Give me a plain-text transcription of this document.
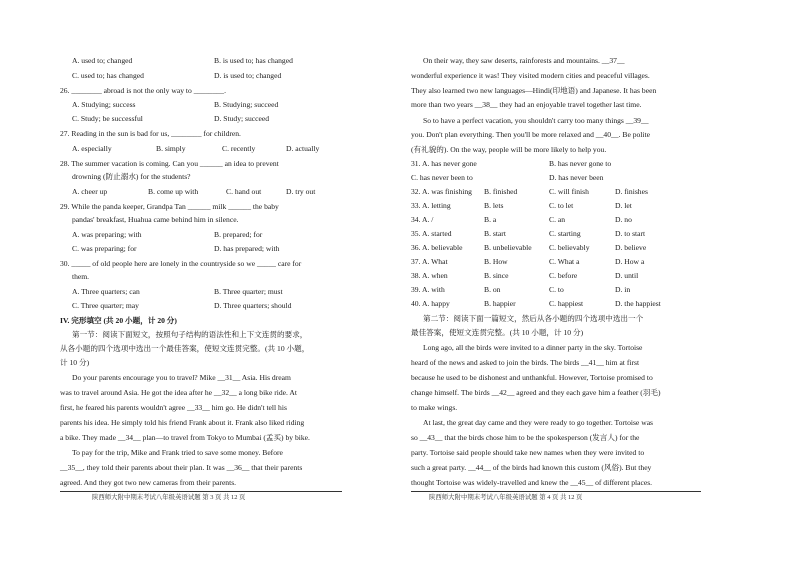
A. used to; changed	B. is used to; has changed
C. used to; has changed	D. is used to; changed
26. ________ abroad is not the only way to ________.
A. Studying; success	B. Studying; succeed
C. Study; be successful	D. Study; succeed
27. Reading in the sun is bad for us, ________ for children.
A. especially	B. simply	C. recently	D. actually
28. The summer vacation is coming. Can you ______ an idea to prevent
drowning (防止溺水) for the students?
A. cheer up	B. come up with	C. hand out	D. try out
29. While the panda keeper, Grandpa Tan ______ milk ______ the baby
pandas' breakfast, Huahua came behind him in silence.
A. was preparing; with	B. prepared; for
C. was preparing; for	D. has prepared; with
30. _____ of old people here are lonely in the countryside so we _____ care for
them.
A. Three quarters; can	B. Three quarter; must
C. Three quarter; may	D. Three quarters; should
IV. 完形填空 (共 20 小题，计 20 分)
第一节：阅读下面短文，按照句子结构的语法性和上下文连贯的要求，
从各小题的四个选项中选出一个最佳答案，使短文连贯完整。(共 10 小题，
计 10 分)
Do your parents encourage you to travel? Mike __31__ Asia. His dream
was to travel around Asia. He got the idea after he __32__ a long bike ride. At
first, he feared his parents wouldn't agree __33__ him go. He didn't tell his
parents his idea. He simply told his friend Frank about it. Frank also liked riding
a bike. They made __34__ plan—to travel from Tokyo to Mumbai (孟买) by bike.
To pay for the trip, Mike and Frank tried to save some money. Before
__35__, they told their parents about their plan. It was __36__ that their parents
agreed. And they got two new cameras from their parents.
陕西师大附中期末考试八年级英语试题 第 3 页 共 12 页
On their way, they saw deserts, rainforests and mountains. __37__
wonderful experience it was! They visited modern cities and peaceful villages.
They also learned two new languages—Hindi(印地语) and Japanese. It has been
more than two years __38__ they had an enjoyable travel together last time.
So to have a perfect vacation, you shouldn't carry too many things __39__
you. Don't plan everything. Then you'll be more relaxed and __40__. Be polite
(有礼貌的). On the way, people will be more likely to help you.
31. A. has never gone	B. has never gone to
C. has never been to	D. has never been
32. A. was finishing B. finished	C. will finish	D. finishes
33. A. letting	B. lets	C. to let	D. let
34. A. /	B. a	C. an	D. no
35. A. started	B. start	C. starting	D. to start
36. A. believable	B. unbelievable C. believably	D. believe
37. A. What	B. How	C. What a	D. How a
38. A. when	B. since	C. before	D. until
39. A. with	B. on	C. to	D. in
40. A. happy	B. happier	C. happiest	D. the happiest
第二节：阅读下面一篇短文，然后从各小题的四个选项中选出一个
最佳答案，使短文连贯完整。(共 10 小题，计 10 分)
Long ago, all the birds were invited to a dinner party in the sky. Tortoise
heard of the news and asked to join the birds. The birds __41__ him at first
because he used to be dishonest and unthankful. However, Tortoise promised to
change himself. The birds __42__ agreed and they each gave him a feather (羽毛)
to make wings.
At last, the great day came and they were ready to go together. Tortoise was
so __43__ that the birds chose him to be the spokesperson (发言人) for the
party. Tortoise said people should take new names when they were invited to
such a great party. __44__ of the birds had known this custom (风俗). But they
thought Tortoise was widely-travelled and knew the __45__ of different places.
陕西师大附中期末考试八年级英语试题 第 4 页 共 12 页
